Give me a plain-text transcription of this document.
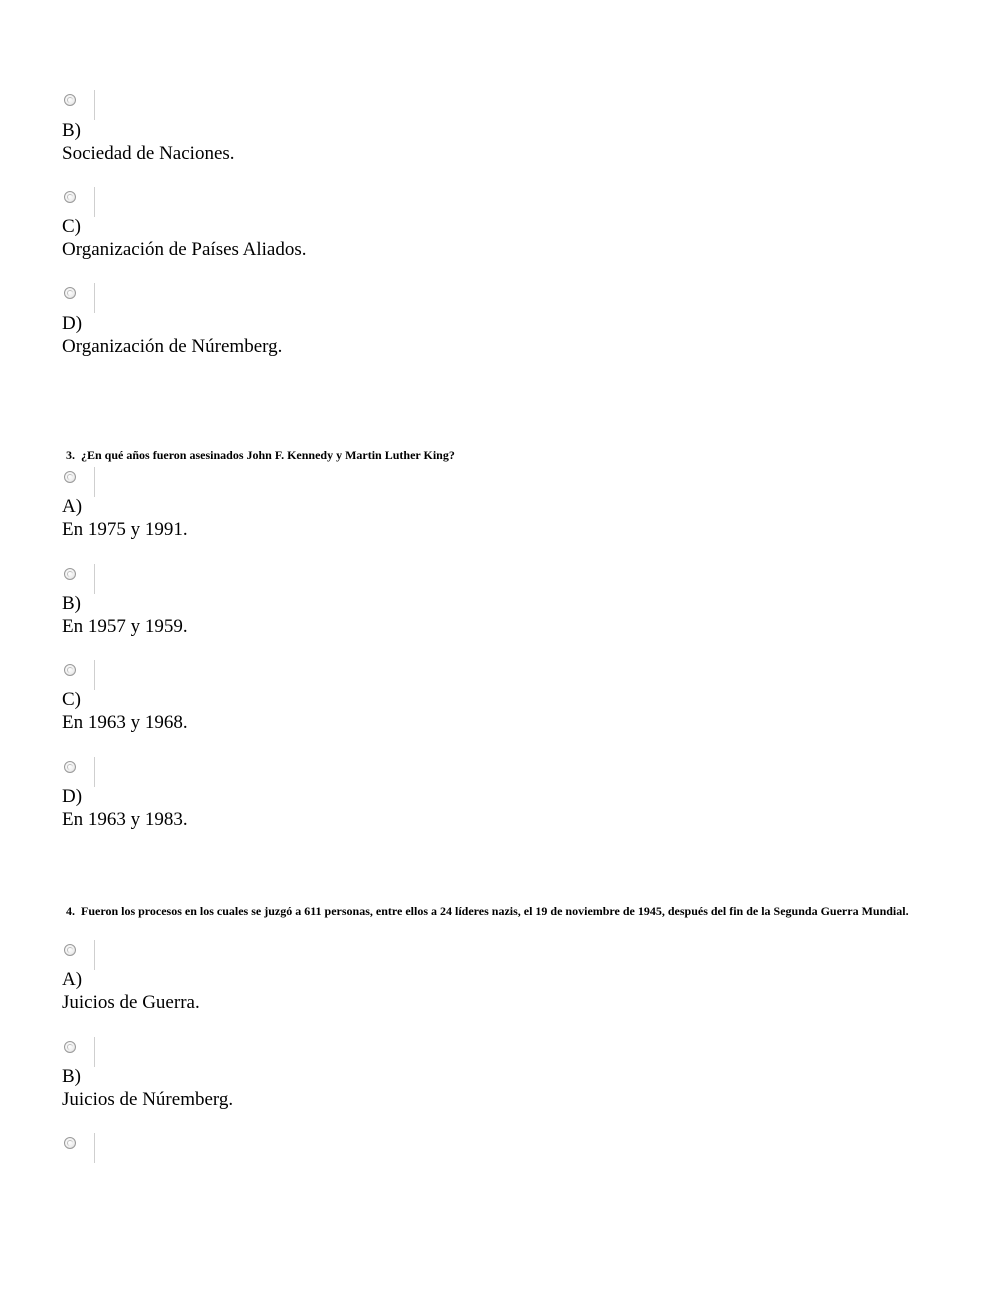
B)
Sociedad de Naciones.
C)
Organización de Países Aliados.
D)
Organización de Núremberg.
3. ¿En qué años fueron asesinados John F. Kennedy y Martin Luther King?
A)
En 1975 y 1991.
B)
En 1957 y 1959.
C)
En 1963 y 1968.
D)
En 1963 y 1983.
4. Fueron los procesos en los cuales se juzgó a 611 personas, entre ellos a 24 líderes nazis, el 19 de noviembre de 1945, después del fin de la Segunda Guerra Mundial.
A)
Juicios de Guerra.
B)
Juicios de Núremberg.
